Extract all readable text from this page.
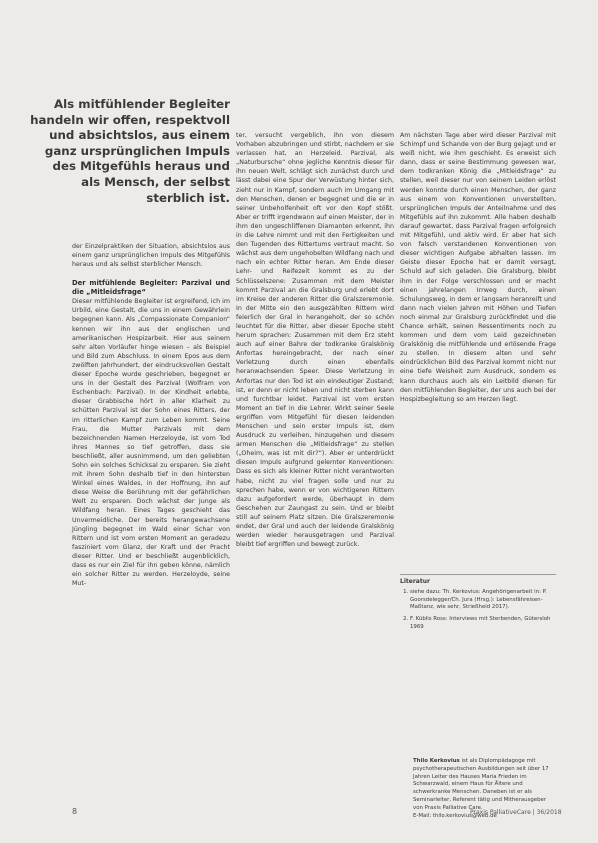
Als mitfühlender Begleiter handeln wir offen, respektvoll und absichtslos, aus einem ganz ursprünglichen Impuls des Mitgefühls heraus und als Mensch, der selbst sterblich ist.

der Einzelpraktiken der Situation, absichtslos aus einem ganz ursprünglichen Impuls des Mitgefühls heraus und als selbst sterblicher Mensch.

Der mitfühlende Begleiter: Parzival und die „Mitleidsfrage“

Dieser mitfühlende Begleiter ist ergreifend, ich im Urbild, eine Gestalt, die uns in einem Gewährlein begegnen kann. Als „Compassionate Companion“ kennen wir ihn aus der englischen und amerikanischen Hospizarbeit. Hier aus seinem sehr alten Vorläufer hinge wiesen – als Beispiel und Bild zum Abschluss. In einem Epos aus dem zwölften Jahrhundert, der eindrucksvollen Gestalt dieser Epoche wurde geschrieben, begegnet er uns in der Gestalt des Parzival (Wolfram von Eschenbach: Parzival). In der Kindheit erlebte, dieser Grabbische hört in aller Klarheit zu schütten Parzival ist der Sohn eines Ritters, der im ritterlichen Kampf zum Leben kommt. Seine Frau, die Mutter Parzivals mit dem bezeichnenden Namen Herzeloyde, ist vom Tod ihres Mannes so tief getroffen, dass sie beschließt, aller ausnimmend, um den geliebten Sohn ein solches Schicksal zu ersparen. Sie zieht mit ihrem Sohn deshalb tief in den hintersten Winkel eines Waldes, in der Hoffnung, ihn auf diese Weise die Berührung mit der gefährlichen Welt zu ersparen. Doch wächst der Junge als Wildfang heran. Eines Tages geschieht das Unvermeidliche. Der bereits herangewachsene Jüngling begegnet im Wald einer Schar von Rittern und ist vom ersten Moment an geradezu fasziniert vom Glanz, der Kraft und der Pracht dieser Ritter. Und er beschließt augenblicklich, dass es nur ein Ziel für ihn geben könne, nämlich ein solcher Ritter zu werden. Herzeloyde, seine Mut-

ter, versucht vergeblich, ihn von diesem Vorhaben abzubringen und stirbt, nachdem er sie verlassen hat, an Herzeleid. Parzival, als „Naturbursche“ ohne jegliche Kenntnis dieser für ihn neuen Welt, schlägt sich zunächst durch und lässt dabei eine Spur der Verwüstung hinter sich, zieht nur in Kampf, sondern auch im Umgang mit den Menschen, denen er begegnet und die er in seiner Unbeholfenheit oft vor den Kopf stößt. Aber er trifft irgendwann auf einen Meister, der in ihm den ungeschliffenen Diamanten erkennt, ihn in die Lehre nimmt und mit den Fertigkeiten und den Tugenden des Rittertums vertraut macht. So wächst aus dem ungehobelten Wildfang nach und nach ein echter Ritter heran. Am Ende dieser Lehr- und Reifezeit kommt es zu der Schlüsselszene: Zusammen mit dem Meister kommt Parzival an die Gralsburg und erlebt dort im Kreise der anderen Ritter die Gralszeremonie. In der Mitte ein den ausgezählten Rittern wird feierlich der Gral in herangeholt, der so schön leuchtet für die Ritter, aber dieser Epoche steht herum sprachen: Zusammen mit dem Erz steht auch auf einer Bahre der todkranke Gralskönig Anfortas hereingebracht, der nach einer Verletzung durch einen ebenfalls heranwachsenden Speer. Diese Verletzung in Anfortas nur den Tod ist ein eindeutiger Zustand; ist, er denn er nicht leben und nicht sterben kann und furchtbar leidet. Parzival ist vom ersten Moment an tief in die Lehrer. Wirkt seiner Seele ergriffen vom Mitgefühl für diesen leidenden Menschen und sein erster Impuls ist, dem Ausdruck zu verleihen, hinzugehen und diesem armen Menschen die „Mitleidsfrage“ zu stellen („Oheim, was ist mit dir?“). Aber er unterdrückt diesen Impuls aufgrund gelernter Konventionen: Dass es sich als kleiner Ritter nicht verantworten habe, nicht zu viel fragen solle und nur zu sprechen habe, wenn er von wichtigeren Rittern dazu aufgefordert werde, überhaupt in dem Geschehen zur Zaungast zu sein. Und er bleibt still auf seinem Platz sitzen. Die Gralszeremonie endet, der Gral und auch der leidende Gralskönig werden wieder herausgetragen und Parzival bleibt tief ergriffen und bewegt zurück.

Am nächsten Tage aber wird dieser Parzival mit Schimpf und Schande von der Burg gejagt und er weiß nicht, wie ihm geschieht. Es erweist sich dann, dass er seine Bestimmung gewesen war, dem todkranken König die „Mitleidsfrage“ zu stellen, weil dieser nur von seinem Leiden erlöst werden konnte durch einen Menschen, der ganz aus einem von Konventionen unverstellten, ursprünglichen Impuls der Anteilnahme und des Mitgefühls auf ihn zukommt. Alle haben deshalb darauf gewartet, dass Parzival fragen erfolgreich mit Mitgefühl, und aktiv wird. Er aber hat sich von falsch verstandenen Konventionen von dieser wichtigen Aufgabe abhalten lassen. Im Geiste dieser Epoche hat er damit versagt, Schuld auf sich geladen. Die Gralsburg, bleibt ihm in der Folge verschlossen und er macht einen jahrelangen Irrweg durch, einen Schulungsweg, in dem er langsam heranreift und dann nach vielen Jahren mit Höhen und Tiefen noch einmal zur Gralsburg zurückfindet und die Chance erhält, seinen Ressentiments noch zu kommen und dem vom Leid gezeichneten Gralskönig die mitfühlende und erlösende Frage zu stellen. In diesem alten und sehr eindrücklichen Bild des Parzival kommt nicht nur eine tiefe Weisheit zum Ausdruck, sondern es kann durchaus auch als ein Leitbild dienen für den mitfühlenden Begleiter, der uns auch bei der Hospizbegleitung so am Herzen liegt.

Literatur
1. siehe dazu: Th. Kerkovius: Angehörigenarbeit in: P. Goorsdelegger/Ch. Jura (Hrsg.): Lebensfähreisen-Maßtanz, wie sehr, Strießheld 2017).
2. F. Küblis Ross: Interviews mit Sterbenden, Gütersloh 1969
Thilo Kerkovius ist als Diplompädagoge mit psychotherapeutischen Ausbildungen seit über 17 Jahren Leiter des Hauses Maria Frieden im Schwarzwald, einem Haus für Ältere und schwerkranke Menschen. Daneben ist er als Seminarleiter, Referent tätig und Mitherausgeber von Praxis Palliative Care.
E-Mail: thilo.kerkovius@web.de
8	Praxis PalliativeCare | 36/2018
